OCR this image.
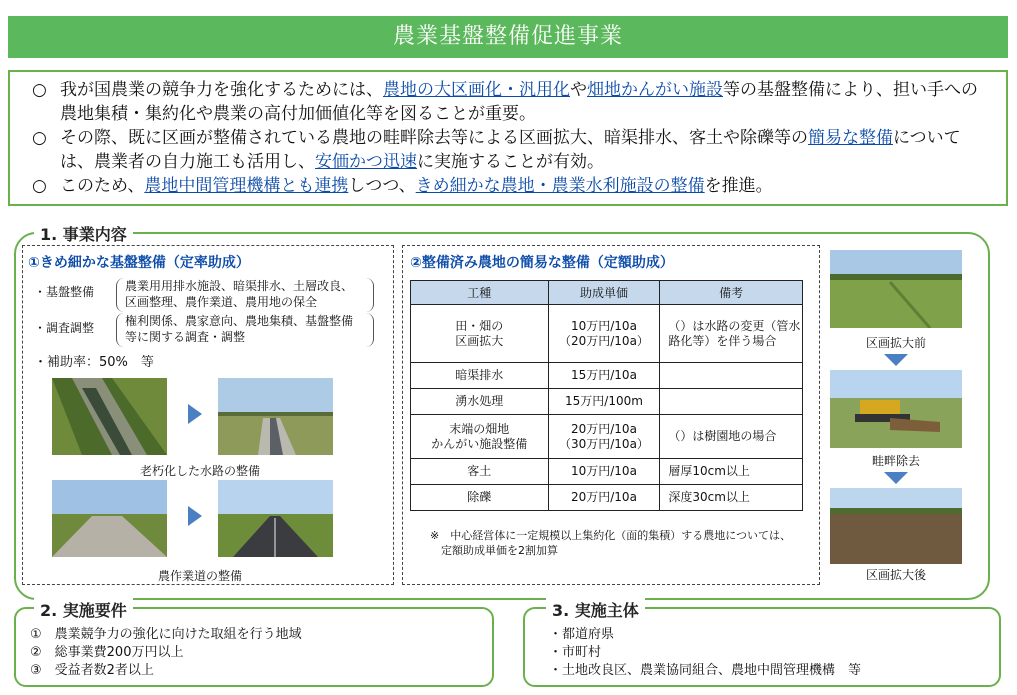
農業基盤整備促進事業

○ 我が国農業の競争力を強化するためには、農地の大区画化・汎用化や畑地かんがい施設等の基盤整備により、担い手への農地集積・集約化や農業の高付加価値化等を図ることが重要。

○ その際、既に区画が整備されている農地の畦畔除去等による区画拡大、暗渠排水、客土や除礫等の簡易な整備については、農業者の自力施工も活用し、安価かつ迅速に実施することが有効。

○ このため、農地中間管理機構とも連携しつつ、きめ細かな農地・農業水利施設の整備を推進。

1. 事業内容
①きめ細かな基盤整備（定率助成）
・基盤整備	農業用用排水施設、暗渠排水、土層改良、区画整理、農作業道、農用地の保全
・調査調整	権利関係、農家意向、農地集積、基盤整備等に関する調査・調整
・補助率：50%　等
老朽化した水路の整備
農作業道の整備
②整備済み農地の簡易な整備（定額助成）
工種	助成単価	備考
田・畑の
区画拡大	10万円/10a
（20万円/10a）	（）は水路の変更（管水路化等）を伴う場合
暗渠排水	15万円/10a	
湧水処理	15万円/100m	
末端の畑地
かんがい施設整備	20万円/10a
（30万円/10a）	（）は樹園地の場合
客土	10万円/10a	層厚10cm以上
除礫	20万円/10a	深度30cm以上
※　中心経営体に一定規模以上集約化（面的集積）する農地については、
　定額助成単価を2割加算
区画拡大前
畦畔除去
区画拡大後
2. 実施要件
①　農業競争力の強化に向けた取組を行う地域
②　総事業費200万円以上
③　受益者数2者以上
3. 実施主体
・都道府県
・市町村
・土地改良区、農業協同組合、農地中間管理機構　等
